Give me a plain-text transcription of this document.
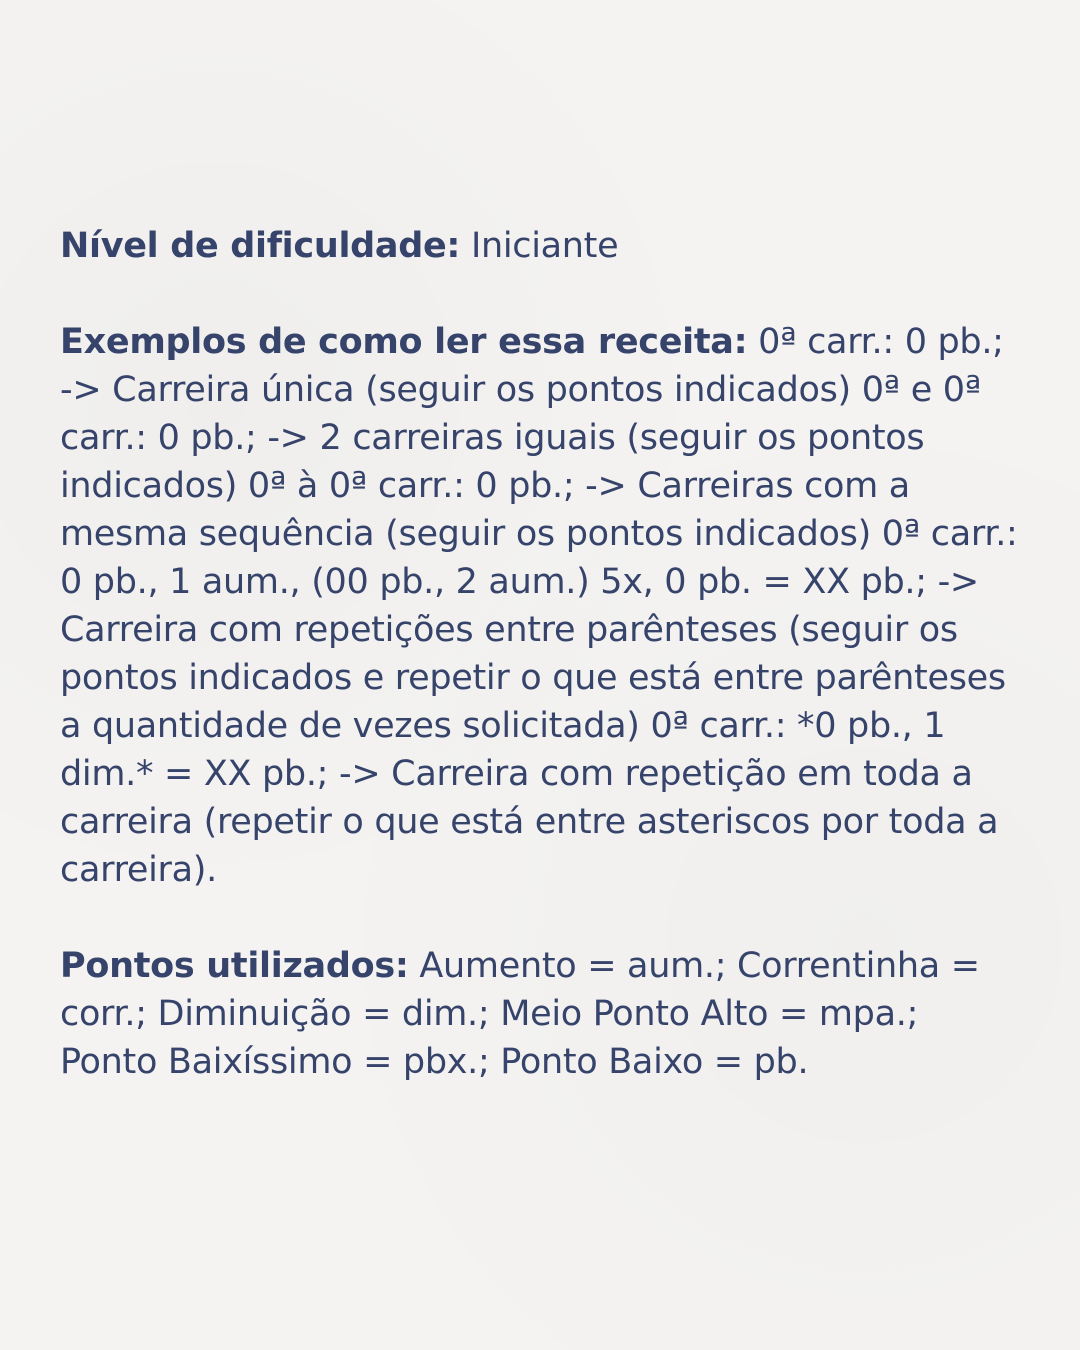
Nível de dificuldade: Iniciante

Exemplos de como ler essa receita: 0ª carr.: 0 pb.; -> Carreira única (seguir os pontos indicados) 0ª e 0ª carr.: 0 pb.; -> 2 carreiras iguais (seguir os pontos indicados) 0ª à 0ª carr.: 0 pb.; -> Carreiras com a mesma sequência (seguir os pontos indicados) 0ª carr.: 0 pb., 1 aum., (00 pb., 2 aum.) 5x, 0 pb. = XX pb.; -> Carreira com repetições entre parênteses (seguir os pontos indicados e repetir o que está entre parênteses a quantidade de vezes solicitada) 0ª carr.: *0 pb., 1 dim.* = XX pb.; -> Carreira com repetição em toda a carreira (repetir o que está entre asteriscos por toda a carreira).

Pontos utilizados: Aumento = aum.; Correntinha = corr.; Diminuição = dim.; Meio Ponto Alto = mpa.; Ponto Baixíssimo = pbx.; Ponto Baixo = pb.
